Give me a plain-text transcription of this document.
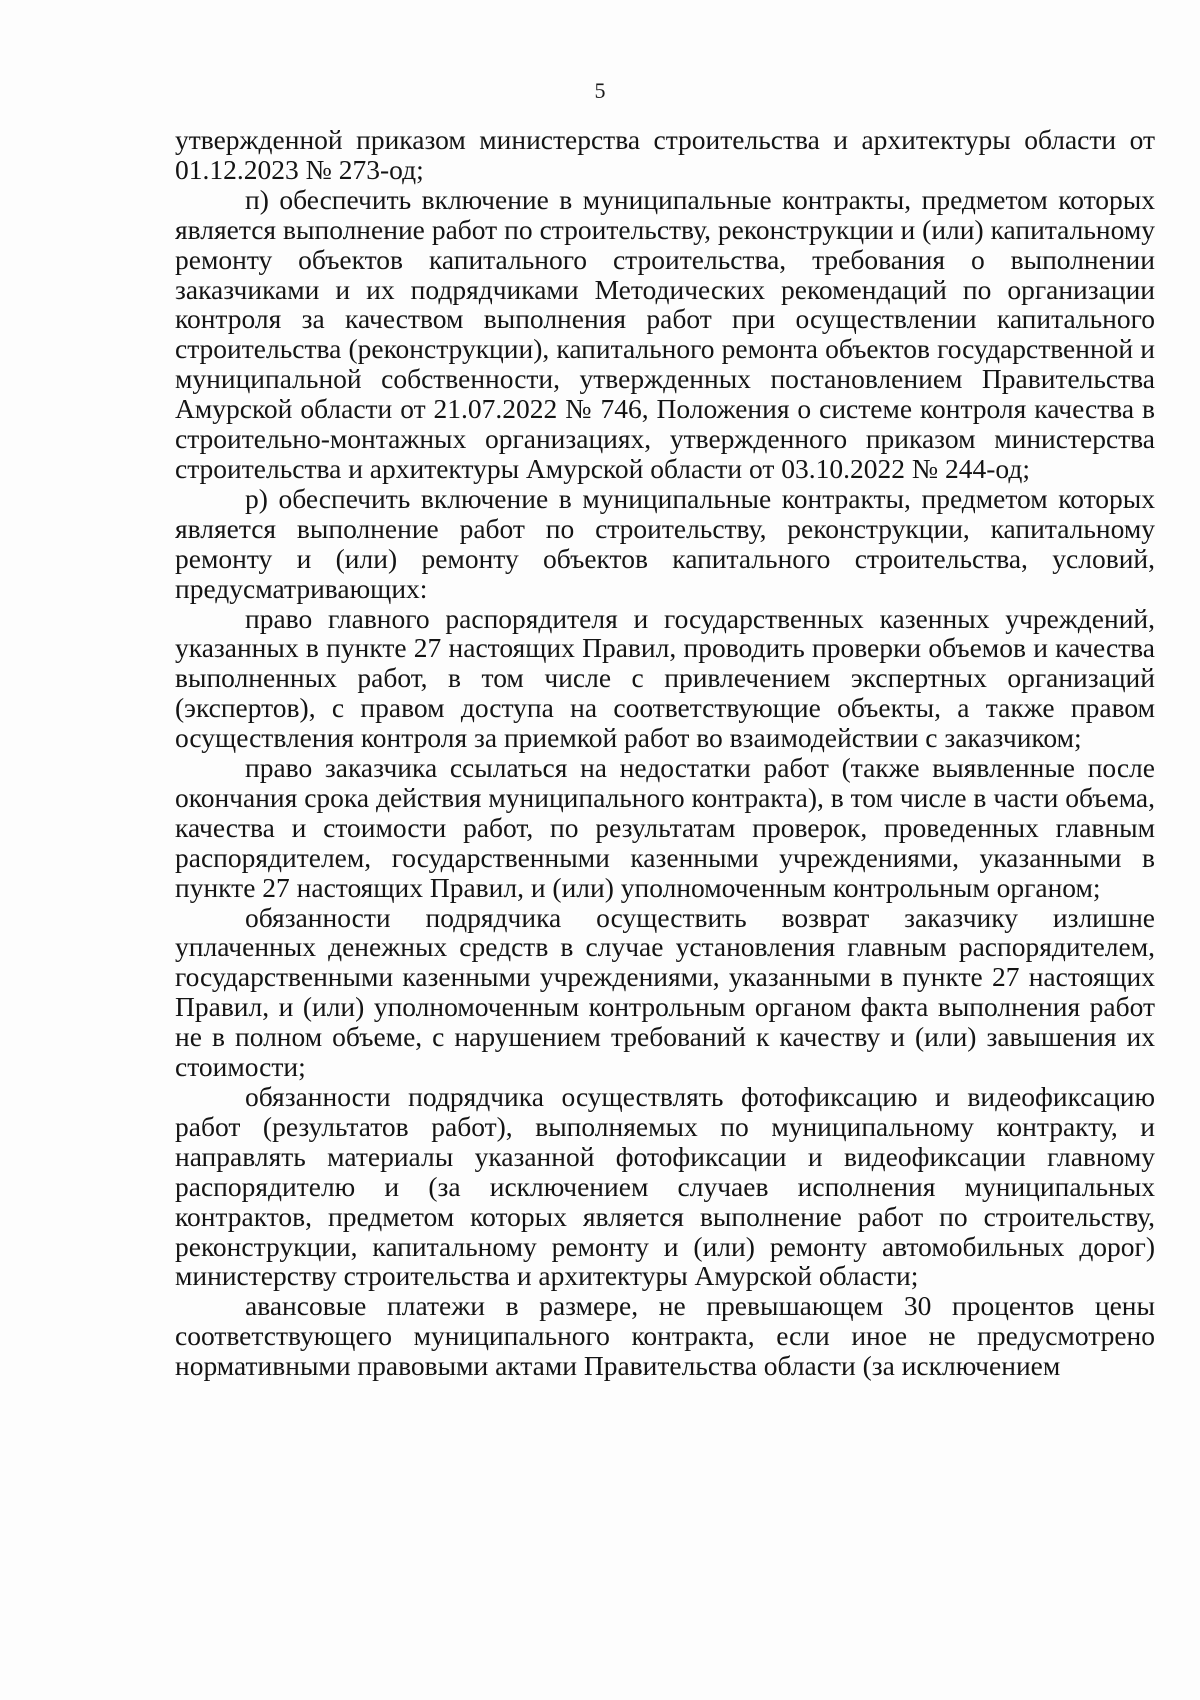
5

утвержденной приказом министерства строительства и архитектуры области от 01.12.2023 № 273-од;

п) обеспечить включение в муниципальные контракты, предметом которых является выполнение работ по строительству, реконструкции и (или) капитальному ремонту объектов капитального строительства, требования о выполнении заказчиками и их подрядчиками Методических рекомендаций по организации контроля за качеством выполнения работ при осуществлении капитального строительства (реконструкции), капитального ремонта объектов государственной и муниципальной собственности, утвержденных постановлением Правительства Амурской области от 21.07.2022 № 746, Положения о системе контроля качества в строительно-монтажных организациях, утвержденного приказом министерства строительства и архитектуры Амурской области от 03.10.2022 № 244-од;

р) обеспечить включение в муниципальные контракты, предметом которых является выполнение работ по строительству, реконструкции, капитальному ремонту и (или) ремонту объектов капитального строительства, условий, предусматривающих:

право главного распорядителя и государственных казенных учреждений, указанных в пункте 27 настоящих Правил, проводить проверки объемов и качества выполненных работ, в том числе с привлечением экспертных организаций (экспертов), с правом доступа на соответствующие объекты, а также правом осуществления контроля за приемкой работ во взаимодействии с заказчиком;

право заказчика ссылаться на недостатки работ (также выявленные после окончания срока действия муниципального контракта), в том числе в части объема, качества и стоимости работ, по результатам проверок, проведенных главным распорядителем, государственными казенными учреждениями, указанными в пункте 27 настоящих Правил, и (или) уполномоченным контрольным органом;

обязанности подрядчика осуществить возврат заказчику излишне уплаченных денежных средств в случае установления главным распорядителем, государственными казенными учреждениями, указанными в пункте 27 настоящих Правил, и (или) уполномоченным контрольным органом факта выполнения работ не в полном объеме, с нарушением требований к качеству и (или) завышения их стоимости;

обязанности подрядчика осуществлять фотофиксацию и видеофиксацию работ (результатов работ), выполняемых по муниципальному контракту, и направлять материалы указанной фотофиксации и видеофиксации главному распорядителю и (за исключением случаев исполнения муниципальных контрактов, предметом которых является выполнение работ по строительству, реконструкции, капитальному ремонту и (или) ремонту автомобильных дорог) министерству строительства и архитектуры Амурской области;

авансовые платежи в размере, не превышающем 30 процентов цены соответствующего муниципального контракта, если иное не предусмотрено нормативными правовыми актами Правительства области (за исключением
